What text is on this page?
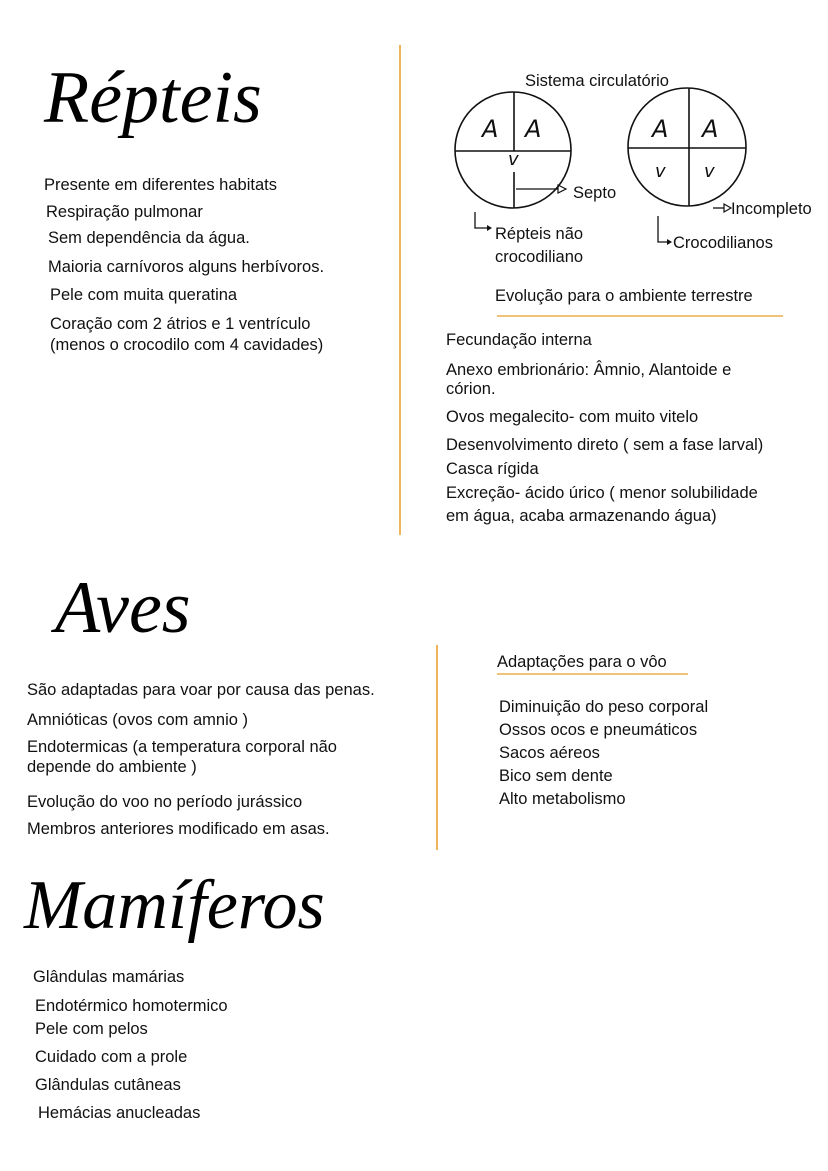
Répteis
Presente em diferentes habitats
Respiração pulmonar
Sem dependência da água.
Maioria carnívoros alguns herbívoros.
Pele com muita queratina
Coração com 2 átrios e 1 ventrículo
(menos o crocodilo com 4 cavidades)
Sistema circulatório
A A
v
Septo
Répteis não
crocodiliano
A A
v v
Incompleto
Crocodilianos
Evolução para o ambiente terrestre
Fecundação interna
Anexo embrionário: Âmnio, Alantoide e
córion.
Ovos megalecito- com muito vitelo
Desenvolvimento direto ( sem a fase larval)
Casca rígida
Excreção- ácido úrico ( menor solubilidade
em água, acaba armazenando água)
Aves
São adaptadas para voar por causa das penas.
Amnióticas (ovos com amnio )
Endotermicas (a temperatura corporal não
depende do ambiente )
Evolução do voo no período jurássico
Membros anteriores modificado em asas.
Adaptações para o vôo
Diminuição do peso corporal
Ossos ocos e pneumáticos
Sacos aéreos
Bico sem dente
Alto metabolismo
Mamíferos
Glândulas mamárias
Endotérmico homotermico
Pele com pelos
Cuidado com a prole
Glândulas cutâneas
Hemácias anucleadas
